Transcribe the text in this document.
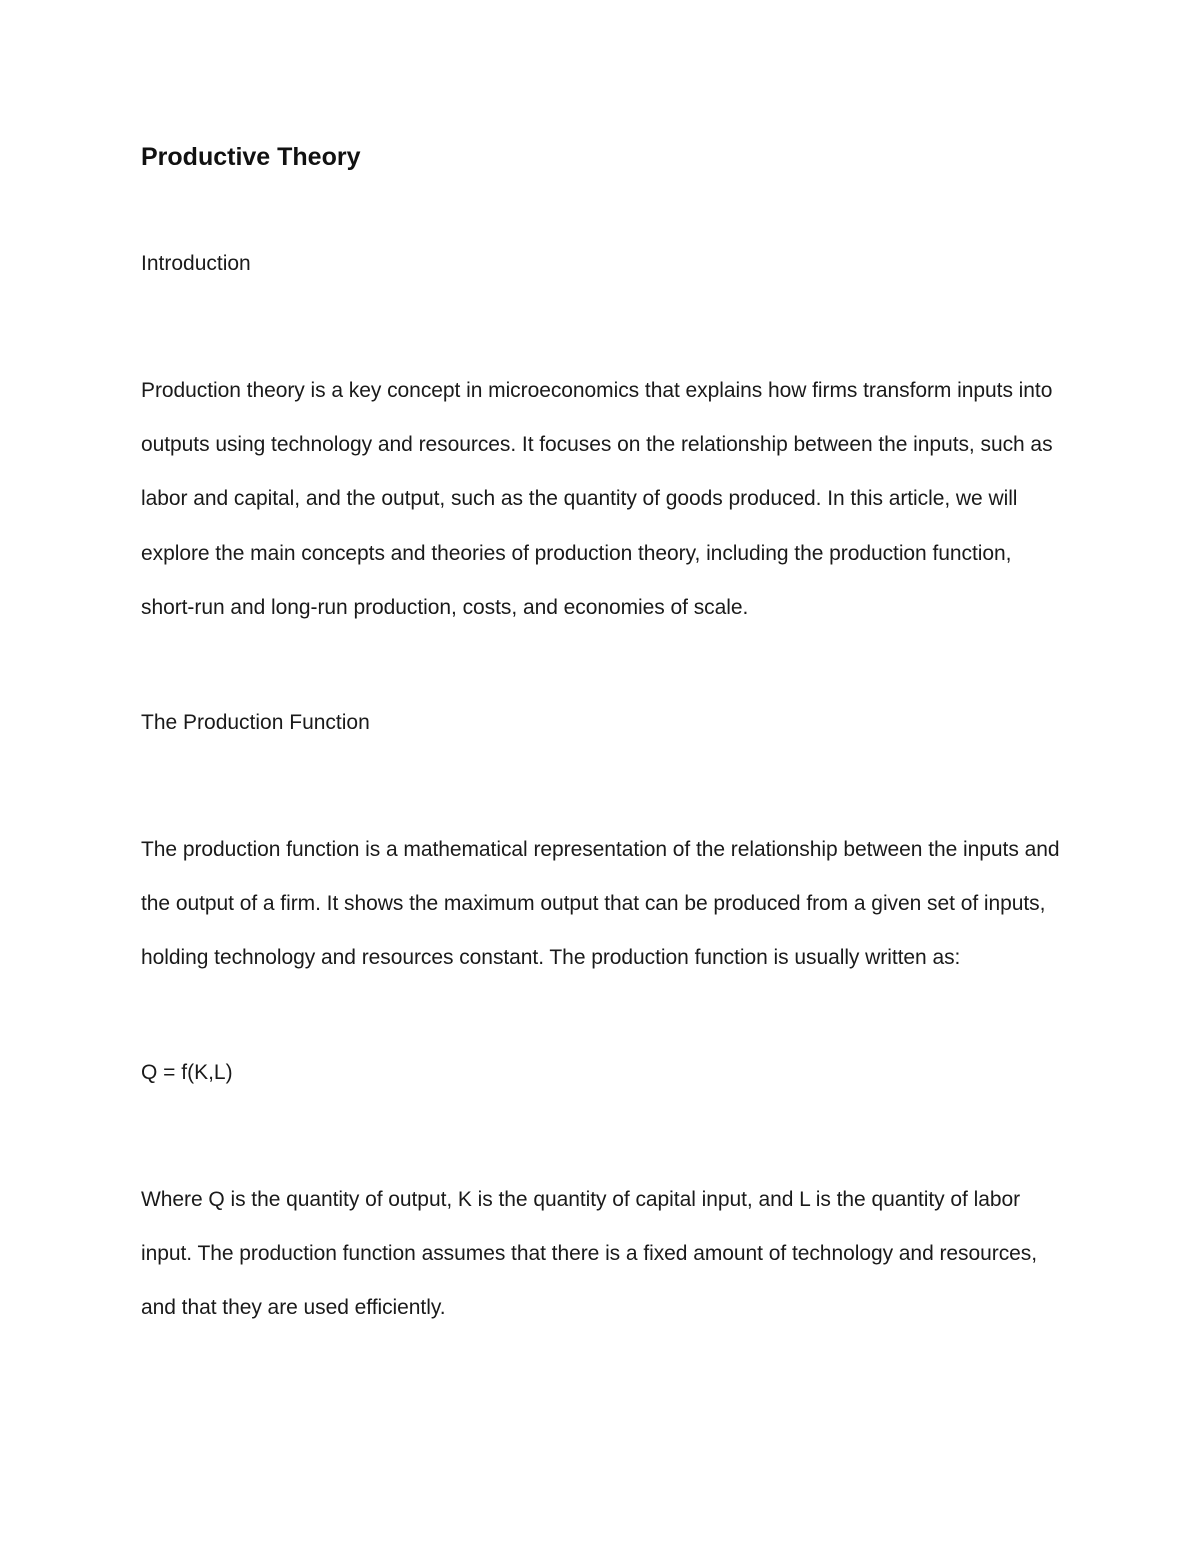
Productive Theory

Introduction

Production theory is a key concept in microeconomics that explains how firms transform inputs into outputs using technology and resources. It focuses on the relationship between the inputs, such as labor and capital, and the output, such as the quantity of goods produced. In this article, we will explore the main concepts and theories of production theory, including the production function, short-run and long-run production, costs, and economies of scale.

The Production Function

The production function is a mathematical representation of the relationship between the inputs and the output of a firm. It shows the maximum output that can be produced from a given set of inputs, holding technology and resources constant. The production function is usually written as:

Q = f(K,L)

Where Q is the quantity of output, K is the quantity of capital input, and L is the quantity of labor input. The production function assumes that there is a fixed amount of technology and resources, and that they are used efficiently.
